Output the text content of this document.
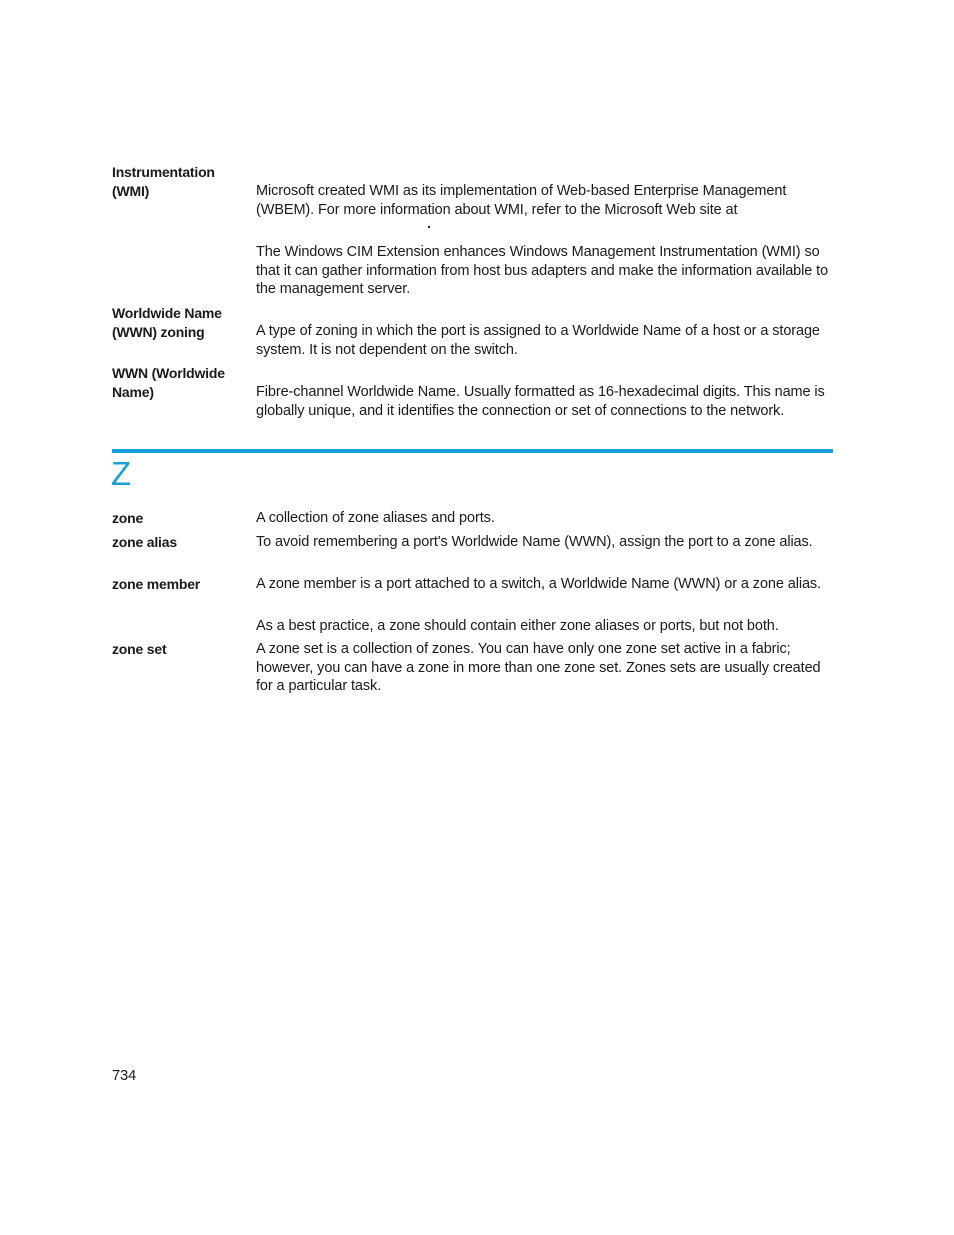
Instrumentation
(WMI)	Microsoft created WMI as its implementation of Web-based Enterprise Management (WBEM). For more information about WMI, refer to the Microsoft Web site at

The Windows CIM Extension enhances Windows Management Instrumentation (WMI) so that it can gather information from host bus adapters and make the information available to the management server.

Worldwide Name
(WWN) zoning	A type of zoning in which the port is assigned to a Worldwide Name of a host or a storage system. It is not dependent on the switch.

WWN (Worldwide
Name)	Fibre-channel Worldwide Name. Usually formatted as 16-hexadecimal digits. This name is globally unique, and it identifies the connection or set of connections to the network.

Z
zone	A collection of zone aliases and ports.

zone alias	To avoid remembering a port's Worldwide Name (WWN), assign the port to a zone alias.

zone member	A zone member is a port attached to a switch, a Worldwide Name (WWN) or a zone alias.

As a best practice, a zone should contain either zone aliases or ports, but not both.

zone set	A zone set is a collection of zones. You can have only one zone set active in a fabric; however, you can have a zone in more than one zone set. Zones sets are usually created for a particular task.

734
